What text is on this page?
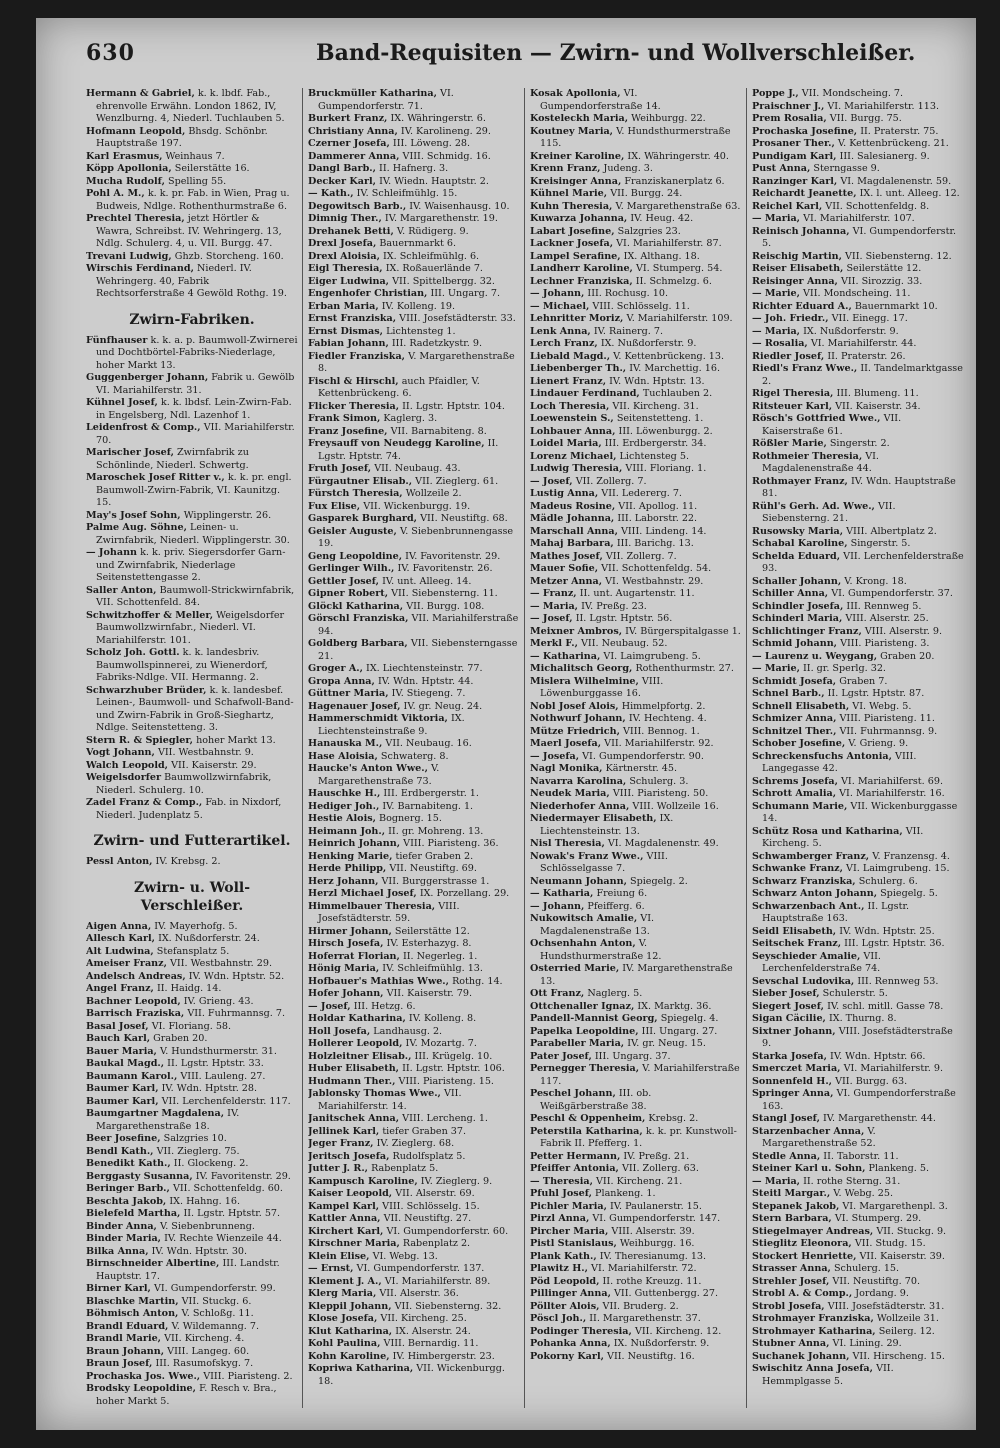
630	Band-Requisiten — Zwirn- und Wollverschleißer.

Hermann & Gabriel, k. k. lbdf. Fab., ehrenvolle Erwähn. London 1862, IV, Wenzlburng. 4, Niederl. Tuchlauben 5.

Hofmann Leopold, Bhsdg. Schönbr. Hauptstraße 197.

Karl Erasmus, Weinhaus 7.

Köpp Apollonia, Seilerstätte 16.

Mucha Rudolf, Spelling 55.

Pohl A. M., k. k. pr. Fab. in Wien, Prag u. Budweis, Ndlge. Rothenthurmstraße 6.

Prechtel Theresia, jetzt Hörtler & Wawra, Schreibst. IV. Wehringerg. 13, Ndlg. Schulerg. 4, u. VII. Burgg. 47.

Trevani Ludwig, Ghzb. Storcheng. 160.

Wirschis Ferdinand, Niederl. IV. Wehringerg. 40, Fabrik Rechtsorferstraße 4 Gewöld Rothg. 19.

Zwirn-Fabriken.

Fünfhauser k. k. a. p. Baumwoll-Zwirnerei und Dochtbörtel-Fabriks-Niederlage, hoher Markt 13.

Guggenberger Johann, Fabrik u. Gewölb VI. Mariahilferstr. 31.

Kühnel Josef, k. k. lbdsf. Lein-Zwirn-Fab. in Engelsberg, Ndl. Lazenhof 1.

Leidenfrost & Comp., VII. Mariahilferstr. 70.

Marischer Josef, Zwirnfabrik zu Schönlinde, Niederl. Schwertg.

Maroschek Josef Ritter v., k. k. pr. engl. Baumwoll-Zwirn-Fabrik, VI. Kaunitzg. 15.

May's Josef Sohn, Wipplingerstr. 26.

Palme Aug. Söhne, Leinen- u. Zwirnfabrik, Niederl. Wipplingerstr. 30.

— Johann k. k. priv. Siegersdorfer Garn- und Zwirnfabrik, Niederlage Seitenstettengasse 2.

Saller Anton, Baumwoll-Strickwirnfabrik, VII. Schottenfeld. 84.

Schwitzhoffer & Meller, Weigelsdorfer Baumwollzwirnfabr., Niederl. VI. Mariahilferstr. 101.

Scholz Joh. Gottl. k. k. landesbriv. Baumwollspinnerei, zu Wienerdorf, Fabriks-Ndlge. VII. Hermanng. 2.

Schwarzhuber Brüder, k. k. landesbef. Leinen-, Baumwoll- und Schafwoll-Band- und Zwirn-Fabrik in Groß-Sieghartz, Ndlge. Seitenstetteng. 3.

Stern R. & Spiegler, hoher Markt 13.

Vogt Johann, VII. Westbahnstr. 9.

Walch Leopold, VII. Kaiserstr. 29.

Weigelsdorfer Baumwollzwirnfabrik, Niederl. Schulerg. 10.

Zadel Franz & Comp., Fab. in Nixdorf, Niederl. Judenplatz 5.

Zwirn- und Futterartikel.

Pessl Anton, IV. Krebsg. 2.

Zwirn- u. Woll-Verschleißer.

Aigen Anna, IV. Mayerhofg. 5.

Allesch Karl, IX. Nußdorferstr. 24.

Alt Ludwina, Stefansplatz 5.

Ameiser Franz, VII. Westbahnstr. 29.

Andelsch Andreas, IV. Wdn. Hptstr. 52.

Angel Franz, II. Haidg. 14.

Bachner Leopold, IV. Grieng. 43.

Barrisch Fraziska, VII. Fuhrmannsg. 7.

Basal Josef, VI. Floriang. 58.

Bauch Karl, Graben 20.

Bauer Maria, V. Hundsthurmerstr. 31.

Baukal Magd., II. Lgstr. Hptstr. 33.

Baumann Karol., VIII. Lauleng. 27.

Baumer Karl, IV. Wdn. Hptstr. 28.

Baumer Karl, VII. Lerchenfelderstr. 117.

Baumgartner Magdalena, IV. Margarethenstraße 18.

Beer Josefine, Salzgries 10.

Bendl Kath., VII. Zieglerg. 75.

Benedikt Kath., II. Glockeng. 2.

Berggasty Susanna, IV. Favoritenstr. 29.

Beringer Barb., VII. Schottenfeldg. 60.

Beschta Jakob, IX. Hahng. 16.

Bielefeld Martha, II. Lgstr. Hptstr. 57.

Binder Anna, V. Siebenbrunneng.

Binder Maria, IV. Rechte Wienzeile 44.

Bilka Anna, IV. Wdn. Hptstr. 30.

Birnschneider Albertine, III. Landstr. Hauptstr. 17.

Birner Karl, VI. Gumpendorferstr. 99.

Blaschke Martin, VII. Stuckg. 6.

Böhmisch Anton, V. Schloßg. 11.

Brandl Eduard, V. Wildemanng. 7.

Brandl Marie, VII. Kircheng. 4.

Braun Johann, VIII. Langeg. 60.

Braun Josef, III. Rasumofskyg. 7.

Prochaska Jos. Wwe., VIII. Piaristeng. 2.

Brodsky Leopoldine, F. Resch v. Bra., hoher Markt 5.

Bruckmüller Katharina, VI. Gumpendorferstr. 71.

Burkert Franz, IX. Währingerstr. 6.

Christiany Anna, IV. Karolineng. 29.

Czerner Josefa, III. Löweng. 28.

Dammerer Anna, VIII. Schmidg. 16.

Dangl Barb., II. Hafnerg. 3.

Decker Karl, IV. Wiedn. Hauptstr. 2.

— Kath., IV. Schleifmühlg. 15.

Degowitsch Barb., IV. Waisenhausg. 10.

Dimnig Ther., IV. Margarethenstr. 19.

Drehanek Betti, V. Rüdigerg. 9.

Drexl Josefa, Bauernmarkt 6.

Drexl Aloisia, IX. Schleifmühlg. 6.

Eigl Theresia, IX. Roßauerlände 7.

Eiger Ludwina, VII. Spittelbergg. 32.

Engenhofer Christian, III. Ungarg. 7.

Erban Maria, IV. Kolleng. 19.

Ernst Franziska, VIII. Josefstädterstr. 33.

Ernst Dismas, Lichtensteg 1.

Fabian Johann, III. Radetzkystr. 9.

Fiedler Franziska, V. Margarethenstraße 8.

Fischl & Hirschl, auch Pfaidler, V. Kettenbrückeng. 6.

Flicker Theresia, II. Lgstr. Hptstr. 104.

Frank Simon, Kaglerg. 3.

Franz Josefine, VII. Barnabiteng. 8.

Freysauff von Neudegg Karoline, II. Lgstr. Hptstr. 74.

Fruth Josef, VII. Neubaug. 43.

Fürgautner Elisab., VII. Zieglerg. 61.

Fürstch Theresia, Wollzeile 2.

Fux Elise, VII. Wickenburgg. 19.

Gasparek Burghard, VII. Neustiftg. 68.

Geisler Auguste, V. Siebenbrunnengasse 19.

Geng Leopoldine, IV. Favoritenstr. 29.

Gerlinger Wilh., IV. Favoritenstr. 26.

Gettler Josef, IV. unt. Alleeg. 14.

Gipner Robert, VII. Siebensterng. 11.

Glöckl Katharina, VII. Burgg. 108.

Görschl Franziska, VII. Mariahilferstraße 94.

Goldberg Barbara, VII. Siebensterngasse 21.

Groger A., IX. Liechtensteinstr. 77.

Gropa Anna, IV. Wdn. Hptstr. 44.

Güttner Maria, IV. Stiegeng. 7.

Hagenauer Josef, IV. gr. Neug. 24.

Hammerschmidt Viktoria, IX. Liechtensteinstraße 9.

Hanauska M., VII. Neubaug. 16.

Hase Aloisia, Schwaterg. 8.

Haucke's Anton Wwe., V. Margarethenstraße 73.

Hauschke H., III. Erdbergerstr. 1.

Hediger Joh., IV. Barnabiteng. 1.

Hestie Alois, Bognerg. 15.

Heimann Joh., II. gr. Mohreng. 13.

Heinrich Johann, VIII. Piaristeng. 36.

Henking Marie, tiefer Graben 2.

Herde Philipp, VII. Neustiftg. 69.

Herz Johann, VII. Burggerstrasse 1.

Herzl Michael Josef, IX. Porzellang. 29.

Himmelbauer Theresia, VIII. Josefstädterstr. 59.

Hirmer Johann, Seilerstätte 12.

Hirsch Josefa, IV. Esterhazyg. 8.

Hoferrat Florian, II. Negerleg. 1.

Hönig Maria, IV. Schleifmühlg. 13.

Hofbauer's Mathias Wwe., Rothg. 14.

Hofer Johann, VII. Kaiserstr. 79.

— Josef, III. Hetzg. 6.

Holdar Katharina, IV. Kolleng. 8.

Holl Josefa, Landhausg. 2.

Hollerer Leopold, IV. Mozartg. 7.

Holzleitner Elisab., III. Krügelg. 10.

Huber Elisabeth, II. Lgstr. Hptstr. 106.

Hudmann Ther., VIII. Piaristeng. 15.

Jablonsky Thomas Wwe., VII. Mariahilferstr. 14.

Janitschek Anna, VIII. Lercheng. 1.

Jellinek Karl, tiefer Graben 37.

Jeger Franz, IV. Zieglerg. 68.

Jeritsch Josefa, Rudolfsplatz 5.

Jutter J. R., Rabenplatz 5.

Kampusch Karoline, IV. Zieglerg. 9.

Kaiser Leopold, VII. Alserstr. 69.

Kampel Karl, VIII. Schlösselg. 15.

Kattler Anna, VII. Neustiftg. 27.

Kirchert Karl, VI. Gumpendorferstr. 60.

Kirschner Maria, Rabenplatz 2.

Klein Elise, VI. Webg. 13.

— Ernst, VI. Gumpendorferstr. 137.

Klement J. A., VI. Mariahilferstr. 89.

Klerg Maria, VII. Alserstr. 36.

Kleppil Johann, VII. Siebensterng. 32.

Klose Josefa, VII. Kircheng. 25.

Klut Katharina, IX. Alserstr. 24.

Kohl Paulina, VIII. Bernardig. 11.

Kohn Karoline, IV. Himbergerstr. 23.

Kopriwa Katharina, VII. Wickenburgg. 18.

Kosak Apollonia, VI. Gumpendorferstraße 14.

Kosteleckh Maria, Weihburgg. 22.

Koutney Maria, V. Hundsthurmerstraße 115.

Kreiner Karoline, IX. Währingerstr. 40.

Krenn Franz, Judeng. 3.

Kreisinger Anna, Franziskanerplatz 6.

Kühnel Marie, VII. Burgg. 24.

Kuhn Theresia, V. Margarethenstraße 63.

Kuwarza Johanna, IV. Heug. 42.

Labart Josefine, Salzgries 23.

Lackner Josefa, VI. Mariahilferstr. 87.

Lampel Serafine, IX. Althang. 18.

Landherr Karoline, VI. Stumperg. 54.

Lechner Franziska, II. Schmelzg. 6.

— Johann, III. Rochusg. 10.

— Michael, VIII. Schlösselg. 11.

Lehnritter Moriz, V. Mariahilferstr. 109.

Lenk Anna, IV. Rainerg. 7.

Lerch Franz, IX. Nußdorferstr. 9.

Liebald Magd., V. Kettenbrückeng. 13.

Liebenberger Th., IV. Marchettig. 16.

Lienert Franz, IV. Wdn. Hptstr. 13.

Lindauer Ferdinand, Tuchlauben 2.

Loch Theresia, VII. Kircheng. 31.

Loewenstein S., Seitenstetteng. 1.

Lohbauer Anna, III. Löwenburgg. 2.

Loidel Maria, III. Erdbergerstr. 34.

Lorenz Michael, Lichtensteg 5.

Ludwig Theresia, VIII. Floriang. 1.

— Josef, VII. Zollerg. 7.

Lustig Anna, VII. Ledererg. 7.

Madeus Rosine, VII. Apollog. 11.

Mädle Johanna, III. Laborstr. 22.

Marschall Anna, VIII. Lindeng. 14.

Mahaj Barbara, III. Barichg. 13.

Mathes Josef, VII. Zollerg. 7.

Mauer Sofie, VII. Schottenfeldg. 54.

Metzer Anna, VI. Westbahnstr. 29.

— Franz, II. unt. Augartenstr. 11.

— Maria, IV. Preßg. 23.

— Josef, II. Lgstr. Hptstr. 56.

Meixner Ambros, IV. Bürgerspitalgasse 1.

Merkl F., VII. Neubaug. 52.

— Katharina, VI. Laimgrubeng. 5.

Michalitsch Georg, Rothenthurmstr. 27.

Mislera Wilhelmine, VIII. Löwenburggasse 16.

Nobl Josef Alois, Himmelpfortg. 2.

Nothwurf Johann, IV. Hechteng. 4.

Mütze Friedrich, VIII. Bennog. 1.

Maerl Josefa, VII. Mariahilferstr. 92.

— Josefa, VI. Gumpendorferstr. 90.

Nagl Monika, Kärtnerstr. 45.

Navarra Karolina, Schulerg. 3.

Neudek Maria, VIII. Piaristeng. 50.

Niederhofer Anna, VIII. Wollzeile 16.

Niedermayer Elisabeth, IX. Liechtensteinstr. 13.

Nisl Theresia, VI. Magdalenenstr. 49.

Nowak's Franz Wwe., VIII. Schlösselgasse 7.

Neumann Johann, Spiegelg. 2.

— Katharia, Freiung 6.

— Johann, Pfeifferg. 6.

Nukowitsch Amalie, VI. Magdalenenstraße 13.

Ochsenhahn Anton, V. Hundsthurmerstraße 12.

Osterried Marie, IV. Margarethenstraße 13.

Ott Franz, Naglerg. 5.

Ottchenaller Ignaz, IX. Marktg. 36.

Pandell-Mannist Georg, Spiegelg. 4.

Papelka Leopoldine, III. Ungarg. 27.

Parabeller Maria, IV. gr. Neug. 15.

Pater Josef, III. Ungarg. 37.

Pernegger Theresia, V. Mariahilferstraße 117.

Peschel Johann, III. ob. Weißgärberstraße 38.

Peschl & Oppenheim, Krebsg. 2.

Peterstila Katharina, k. k. pr. Kunstwoll-Fabrik II. Pfefferg. 1.

Petter Hermann, IV. Preßg. 21.

Pfeiffer Antonia, VII. Zollerg. 63.

— Theresia, VII. Kircheng. 21.

Pfuhl Josef, Plankeng. 1.

Pichler Maria, IV. Paulanerstr. 15.

Pirzl Anna, VI. Gumpendorferstr. 147.

Pircher Maria, VIII. Alserstr. 39.

Pistl Stanislaus, Weihburgg. 16.

Plank Kath., IV. Theresianumg. 13.

Plawitz H., VI. Mariahilferstr. 72.

Pöd Leopold, II. rothe Kreuzg. 11.

Pillinger Anna, VII. Guttenbergg. 27.

Pöllter Alois, VII. Bruderg. 2.

Pöscl Joh., II. Margarethenstr. 37.

Podinger Theresia, VII. Kircheng. 12.

Pohanka Anna, IX. Nußdorferstr. 9.

Pokorny Karl, VII. Neustiftg. 16.

Poppe J., VII. Mondscheing. 7.

Praischner J., VI. Mariahilferstr. 113.

Prem Rosalia, VII. Burgg. 75.

Prochaska Josefine, II. Praterstr. 75.

Prosaner Ther., V. Kettenbrückeng. 21.

Pundigam Karl, III. Salesianerg. 9.

Pust Anna, Sterngasse 9.

Ranzinger Karl, VI. Magdalenenstr. 59.

Reichardt Jeanette, IX. l. unt. Alleeg. 12.

Reichel Karl, VII. Schottenfeldg. 8.

— Maria, VI. Mariahilferstr. 107.

Reinisch Johanna, VI. Gumpendorferstr. 5.

Reischig Martin, VII. Siebensterng. 12.

Reiser Elisabeth, Seilerstätte 12.

Reisinger Anna, VII. Sirozzig. 33.

— Marie, VII. Mondscheing. 11.

Richter Eduard A., Bauernmarkt 10.

— Joh. Friedr., VII. Einegg. 17.

— Maria, IX. Nußdorferstr. 9.

— Rosalia, VI. Mariahilferstr. 44.

Riedler Josef, II. Praterstr. 26.

Riedl's Franz Wwe., II. Tandelmarktgasse 2.

Rigel Theresia, III. Blumeng. 11.

Ritsteuer Karl, VII. Kaiserstr. 34.

Rösch's Gottfried Wwe., VII. Kaiserstraße 61.

Rößler Marie, Singerstr. 2.

Rothmeier Theresia, VI. Magdalenenstraße 44.

Rothmayer Franz, IV. Wdn. Hauptstraße 81.

Rühl's Gerh. Ad. Wwe., VII. Siebensterng. 21.

Rusowsky Maria, VIII. Albertplatz 2.

Schabal Karoline, Singerstr. 5.

Schelda Eduard, VII. Lerchenfelderstraße 93.

Schaller Johann, V. Krong. 18.

Schiller Anna, VI. Gumpendorferstr. 37.

Schindler Josefa, III. Rennweg 5.

Schinderl Maria, VIII. Alserstr. 25.

Schlichtinger Franz, VIII. Alserstr. 9.

Schmid Johann, VIII. Piaristeng. 3.

— Laurenz u. Weygang, Graben 20.

— Marie, II. gr. Sperlg. 32.

Schmidt Josefa, Graben 7.

Schnel Barb., II. Lgstr. Hptstr. 87.

Schnell Elisabeth, VI. Webg. 5.

Schmizer Anna, VIII. Piaristeng. 11.

Schnitzel Ther., VII. Fuhrmannsg. 9.

Schober Josefine, V. Grieng. 9.

Schreckensfuchs Antonia, VIII. Langegasse 42.

Schrems Josefa, VI. Mariahilferst. 69.

Schrott Amalia, VI. Mariahilferstr. 16.

Schumann Marie, VII. Wickenburggasse 14.

Schütz Rosa und Katharina, VII. Kircheng. 5.

Schwamberger Franz, V. Franzensg. 4.

Schwanke Franz, VI. Laimgrubeng. 15.

Schwarz Franziska, Schulerg. 6.

Schwarz Anton Johann, Spiegelg. 5.

Schwarzenbach Ant., II. Lgstr. Hauptstraße 163.

Seidl Elisabeth, IV. Wdn. Hptstr. 25.

Seitschek Franz, III. Lgstr. Hptstr. 36.

Seyschieder Amalie, VII. Lerchenfelderstraße 74.

Sevschal Ludovika, III. Rennweg 53.

Sieber Josef, Schulerstr. 5.

Siegert Josef, IV. schl. mitll. Gasse 78.

Sigan Cäcilie, IX. Thurng. 8.

Sixtner Johann, VIII. Josefstädterstraße 9.

Starka Josefa, IV. Wdn. Hptstr. 66.

Smerczet Maria, VI. Mariahilferstr. 9.

Sonnenfeld H., VII. Burgg. 63.

Springer Anna, VI. Gumpendorferstraße 163.

Stangl Josef, IV. Margarethenstr. 44.

Starzenbacher Anna, V. Margarethenstraße 52.

Stedle Anna, II. Taborstr. 11.

Steiner Karl u. Sohn, Plankeng. 5.

— Maria, II. rothe Sterng. 31.

Steitl Margar., V. Webg. 25.

Stepanek Jakob, VI. Margarethenpl. 3.

Stern Barbara, VI. Stumperg. 29.

Stiegelmayer Andreas, VII. Stuckg. 9.

Stieglitz Eleonora, VII. Studg. 15.

Stockert Henriette, VII. Kaiserstr. 39.

Strasser Anna, Schulerg. 15.

Strehler Josef, VII. Neustiftg. 70.

Strobl A. & Comp., Jordang. 9.

Strobl Josefa, VIII. Josefstädterstr. 31.

Strohmayer Franziska, Wollzeile 31.

Strohmayer Katharina, Seilerg. 12.

Stubner Anna, VI. Lining. 29.

Suchanek Johann, VII. Hirscheng. 15.

Swischitz Anna Josefa, VII. Hemmplgasse 5.
